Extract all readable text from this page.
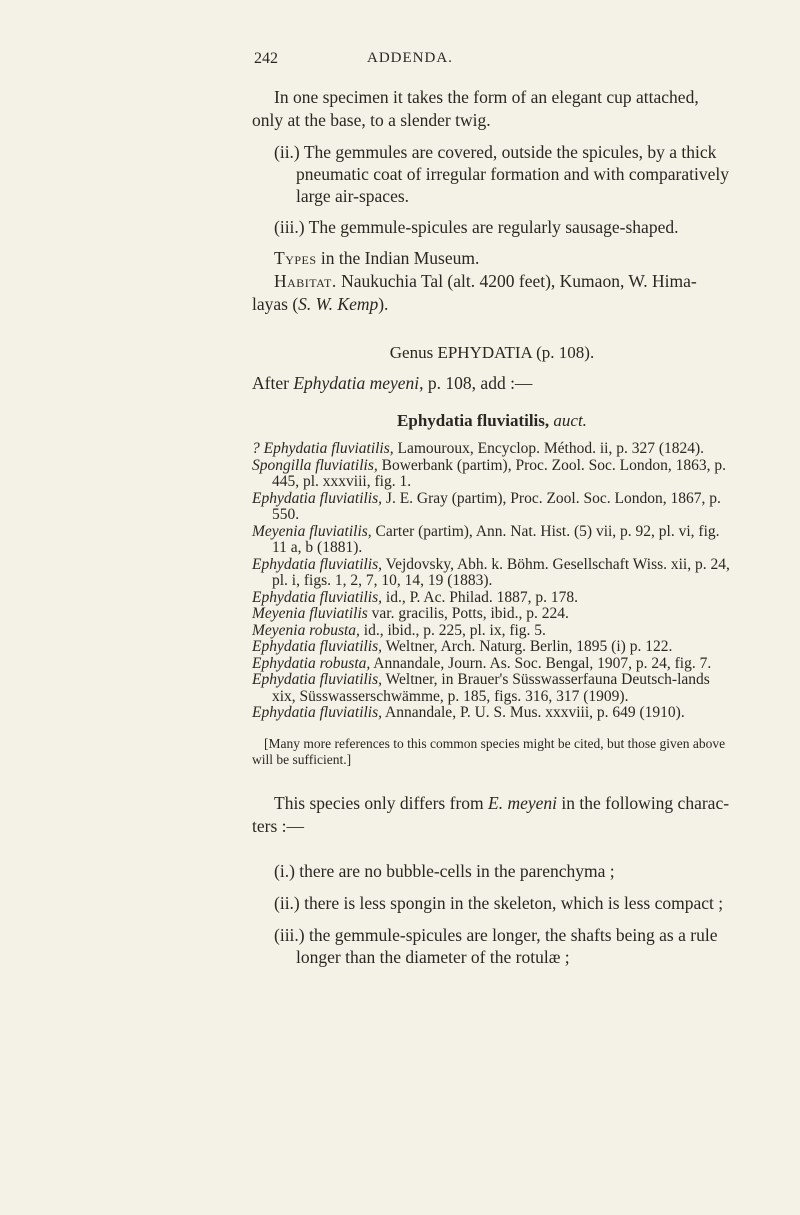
242	ADDENDA.

In one specimen it takes the form of an elegant cup attached, only at the base, to a slender twig.

(ii.) The gemmules are covered, outside the spicules, by a thick pneumatic coat of irregular formation and with comparatively large air-spaces.

(iii.) The gemmule-spicules are regularly sausage-shaped.

Types in the Indian Museum.

Habitat. Naukuchia Tal (alt. 4200 feet), Kumaon, W. Hima-layas (S. W. Kemp).

Genus EPHYDATIA (p. 108).

After Ephydatia meyeni, p. 108, add :—

Ephydatia fluviatilis, auct.

? Ephydatia fluviatilis, Lamouroux, Encyclop. Méthod. ii, p. 327 (1824).

Spongilla fluviatilis, Bowerbank (partim), Proc. Zool. Soc. London, 1863, p. 445, pl. xxxviii, fig. 1.

Ephydatia fluviatilis, J. E. Gray (partim), Proc. Zool. Soc. London, 1867, p. 550.

Meyenia fluviatilis, Carter (partim), Ann. Nat. Hist. (5) vii, p. 92, pl. vi, fig. 11 a, b (1881).

Ephydatia fluviatilis, Vejdovsky, Abh. k. Böhm. Gesellschaft Wiss. xii, p. 24, pl. i, figs. 1, 2, 7, 10, 14, 19 (1883).

Ephydatia fluviatilis, id., P. Ac. Philad. 1887, p. 178.

Meyenia fluviatilis var. gracilis, Potts, ibid., p. 224.

Meyenia robusta, id., ibid., p. 225, pl. ix, fig. 5.

Ephydatia fluviatilis, Weltner, Arch. Naturg. Berlin, 1895 (i) p. 122.

Ephydatia robusta, Annandale, Journ. As. Soc. Bengal, 1907, p. 24, fig. 7.

Ephydatia fluviatilis, Weltner, in Brauer's Süsswasserfauna Deutsch-lands xix, Süsswasserschwämme, p. 185, figs. 316, 317 (1909).

Ephydatia fluviatilis, Annandale, P. U. S. Mus. xxxviii, p. 649 (1910).

[Many more references to this common species might be cited, but those given above will be sufficient.]

This species only differs from E. meyeni in the following charac-ters :—

(i.) there are no bubble-cells in the parenchyma ;

(ii.) there is less spongin in the skeleton, which is less compact ;

(iii.) the gemmule-spicules are longer, the shafts being as a rule longer than the diameter of the rotulæ ;
